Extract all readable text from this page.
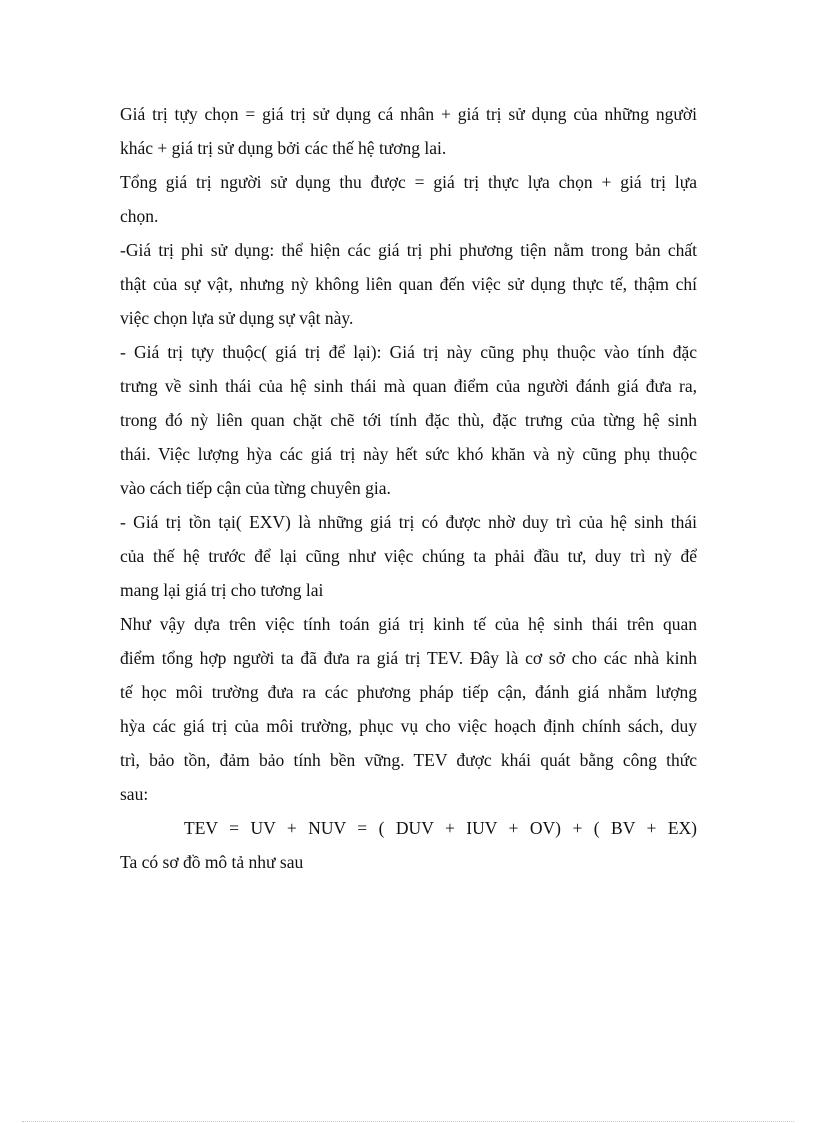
Giá trị tựy chọn = giá trị sử dụng cá nhân + giá trị sử dụng của những người
khác + giá trị sử dụng bởi các thế hệ tương lai.
Tổng giá trị người sử dụng thu được = giá trị thực lựa chọn + giá trị lựa
chọn.
-Giá trị phi sử dụng: thể hiện các giá trị phi phương tiện nằm trong bản chất
thật của sự vật, nhưng nỳ không liên quan đến việc sử dụng thực tế, thậm chí
việc chọn lựa sử dụng sự vật này.
- Giá trị tựy thuộc( giá trị để lại): Giá trị này cũng phụ thuộc vào tính đặc
trưng về sinh thái của hệ sinh thái mà quan điểm của người đánh giá đưa ra,
trong đó nỳ liên quan chặt chẽ tới tính đặc thù, đặc trưng của từng hệ sinh
thái. Việc lượng hỳa các giá trị này hết sức khó khăn và nỳ cũng phụ thuộc
vào cách tiếp cận của từng chuyên gia.
- Giá trị tồn tại( EXV) là những giá trị có được nhờ duy trì của hệ sinh thái
của thế hệ trước để lại cũng như việc chúng ta phải đầu tư, duy trì nỳ để
mang lại giá trị cho tương lai
Như vậy dựa trên việc tính toán giá trị kinh tế của hệ sinh thái trên quan
điểm tổng hợp người ta đã đưa ra giá trị TEV. Đây là cơ sở cho các nhà kinh
tế học môi trường đưa ra các phương pháp tiếp cận, đánh giá nhằm lượng
hỳa các giá trị của môi trường, phục vụ cho việc hoạch định chính sách, duy
trì, bảo tồn, đảm bảo tính bền vững. TEV được khái quát bằng công thức
sau:
TEV = UV + NUV = ( DUV + IUV + OV) + ( BV + EX)
Ta có sơ đồ mô tả như sau
